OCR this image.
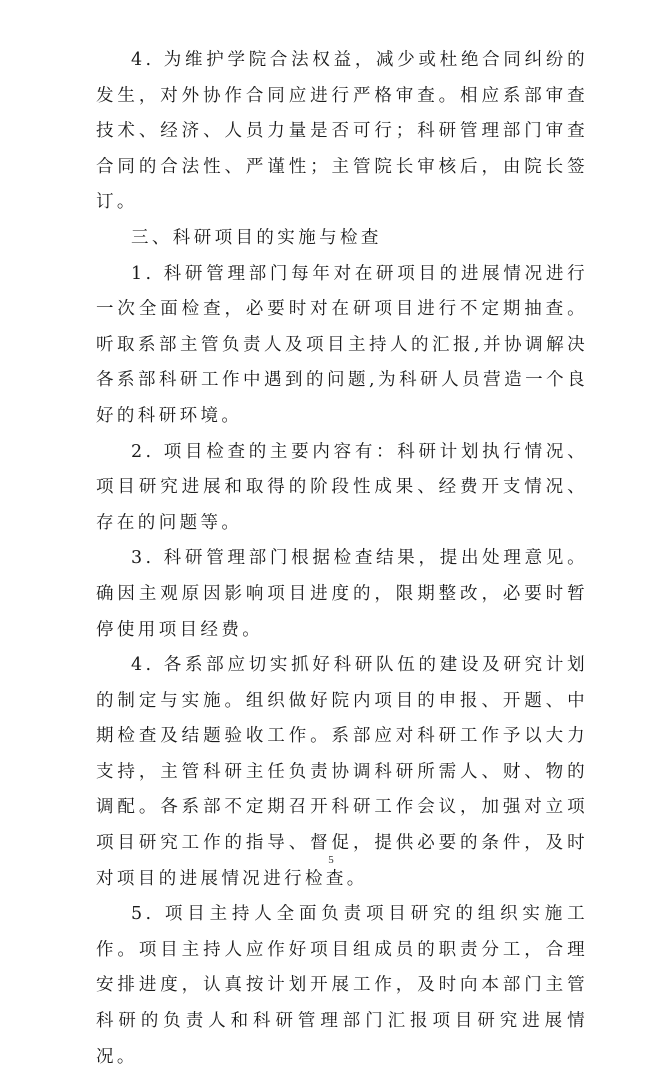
4. 为维护学院合法权益，减少或杜绝合同纠纷的发生，对外协作合同应进行严格审查。相应系部审查技术、经济、人员力量是否可行；科研管理部门审查合同的合法性、严谨性；主管院长审核后，由院长签订。

三、科研项目的实施与检查

1. 科研管理部门每年对在研项目的进展情况进行一次全面检查，必要时对在研项目进行不定期抽查。听取系部主管负责人及项目主持人的汇报,并协调解决各系部科研工作中遇到的问题,为科研人员营造一个良好的科研环境。

2. 项目检查的主要内容有：科研计划执行情况、项目研究进展和取得的阶段性成果、经费开支情况、存在的问题等。

3. 科研管理部门根据检查结果，提出处理意见。确因主观原因影响项目进度的，限期整改，必要时暂停使用项目经费。

4. 各系部应切实抓好科研队伍的建设及研究计划的制定与实施。组织做好院内项目的申报、开题、中期检查及结题验收工作。系部应对科研工作予以大力支持，主管科研主任负责协调科研所需人、财、物的调配。各系部不定期召开科研工作会议，加强对立项项目研究工作的指导、督促，提供必要的条件，及时对项目的进展情况进行检查。

5. 项目主持人全面负责项目研究的组织实施工作。项目主持人应作好项目组成员的职责分工，合理安排进度，认真按计划开展工作，及时向本部门主管科研的负责人和科研管理部门汇报项目研究进展情况。

5
